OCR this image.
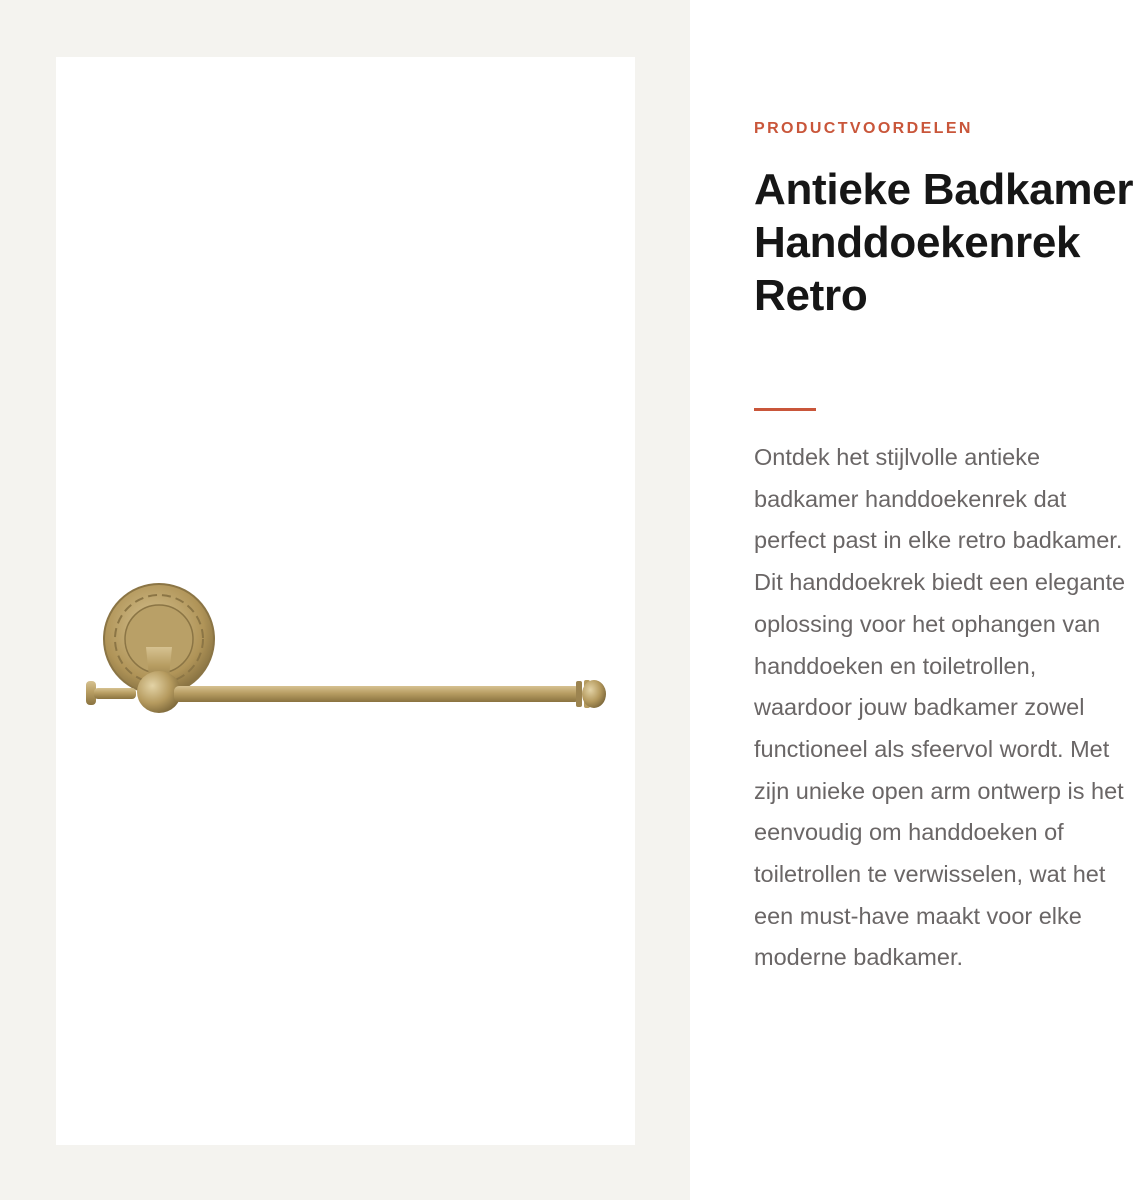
PRODUCTVOORDELEN
Antieke Badkamer Handdoekenrek Retro

Ontdek het stijlvolle antieke badkamer handdoekenrek dat perfect past in elke retro badkamer. Dit handdoekrek biedt een elegante oplossing voor het ophangen van handdoeken en toiletrollen, waardoor jouw badkamer zowel functioneel als sfeervol wordt. Met zijn unieke open arm ontwerp is het eenvoudig om handdoeken of toiletrollen te verwisselen, wat het een must-have maakt voor elke moderne badkamer.
